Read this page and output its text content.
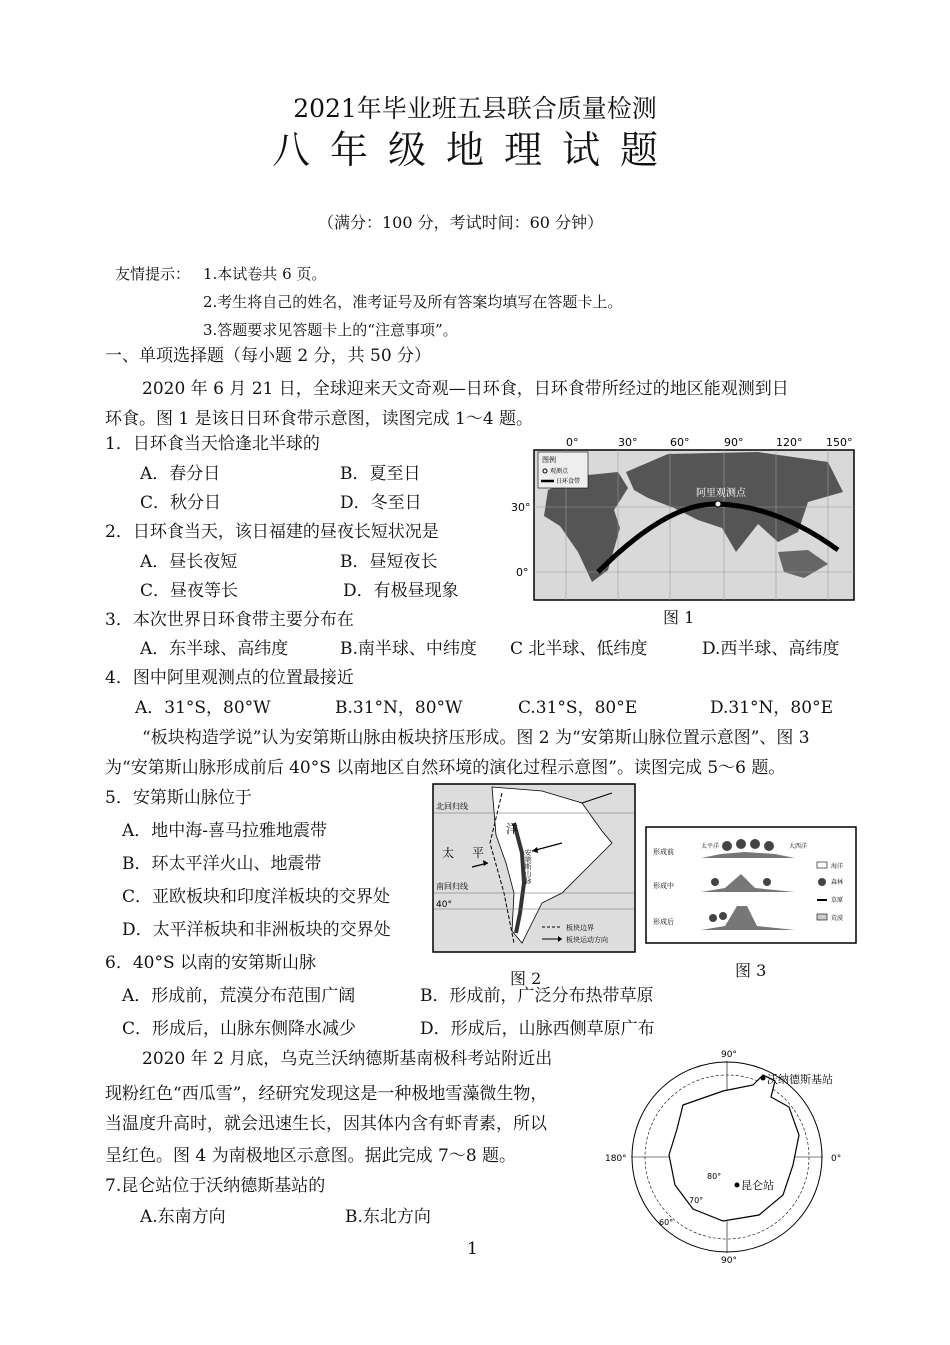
2021年毕业班五县联合质量检测
八年级地理试题
（满分：100 分，考试时间：60 分钟）
友情提示： 1.本试卷共 6 页。
2.考生将自己的姓名，准考证号及所有答案均填写在答题卡上。
3.答题要求见答题卡上的“注意事项”。
一、单项选择题（每小题 2 分，共 50 分）
2020 年 6 月 21 日，全球迎来天文奇观—日环食，日环食带所经过的地区能观测到日
环食。图 1 是该日日环食带示意图，读图完成 1～4 题。
1．日环食当天恰逢北半球的
A．春分日	B．夏至日
C．秋分日	D．冬至日
2．日环食当天，该日福建的昼夜长短状况是
A．昼长夜短	B．昼短夜长
C．昼夜等长	D．有极昼现象
3．本次世界日环食带主要分布在
A．东半球、高纬度	B.南半球、中纬度 C 北半球、低纬度	D.西半球、高纬度
4．图中阿里观测点的位置最接近
A．31°S，80°W	B.31°N，80°W	C.31°S，80°E	D.31°N，80°E
“板块构造学说”认为安第斯山脉由板块挤压形成。图 2 为“安第斯山脉位置示意图”、图 3
为“安第斯山脉形成前后 40°S 以南地区自然环境的演化过程示意图”。读图完成 5～6 题。
5．安第斯山脉位于
A．地中海-喜马拉雅地震带
B．环太平洋火山、地震带
C．亚欧板块和印度洋板块的交界处
D．太平洋板块和非洲板块的交界处
6．40°S 以南的安第斯山脉
A．形成前，荒漠分布范围广阔	B．形成前，广泛分布热带草原
C．形成后，山脉东侧降水减少	D．形成后，山脉西侧草原广布
2020 年 2 月底，乌克兰沃纳德斯基南极科考站附近出
现粉红色“西瓜雪”，经研究发现这是一种极地雪藻微生物，
当温度升高时，就会迅速生长，因其体内含有虾青素，所以
呈红色。图 4 为南极地区示意图。据此完成 7～8 题。
7.昆仑站位于沃纳德斯基站的
A.东南方向	B.东北方向
1
0°	30°	60°	90°	120° 150°
30°
0°
阿里观测点
图例
观测点
日环食带
图 1
北回归线
南回归线
40°
太 平
洋
安第斯山脉
板块边界
板块运动方向
图 2
形成前
形成中
形成后
太平洋	大西洋
海洋
森林
草原
荒漠
图 3
90°
0°
180°
90°
沃纳德斯基站
昆仑站
80°
70°
60°
